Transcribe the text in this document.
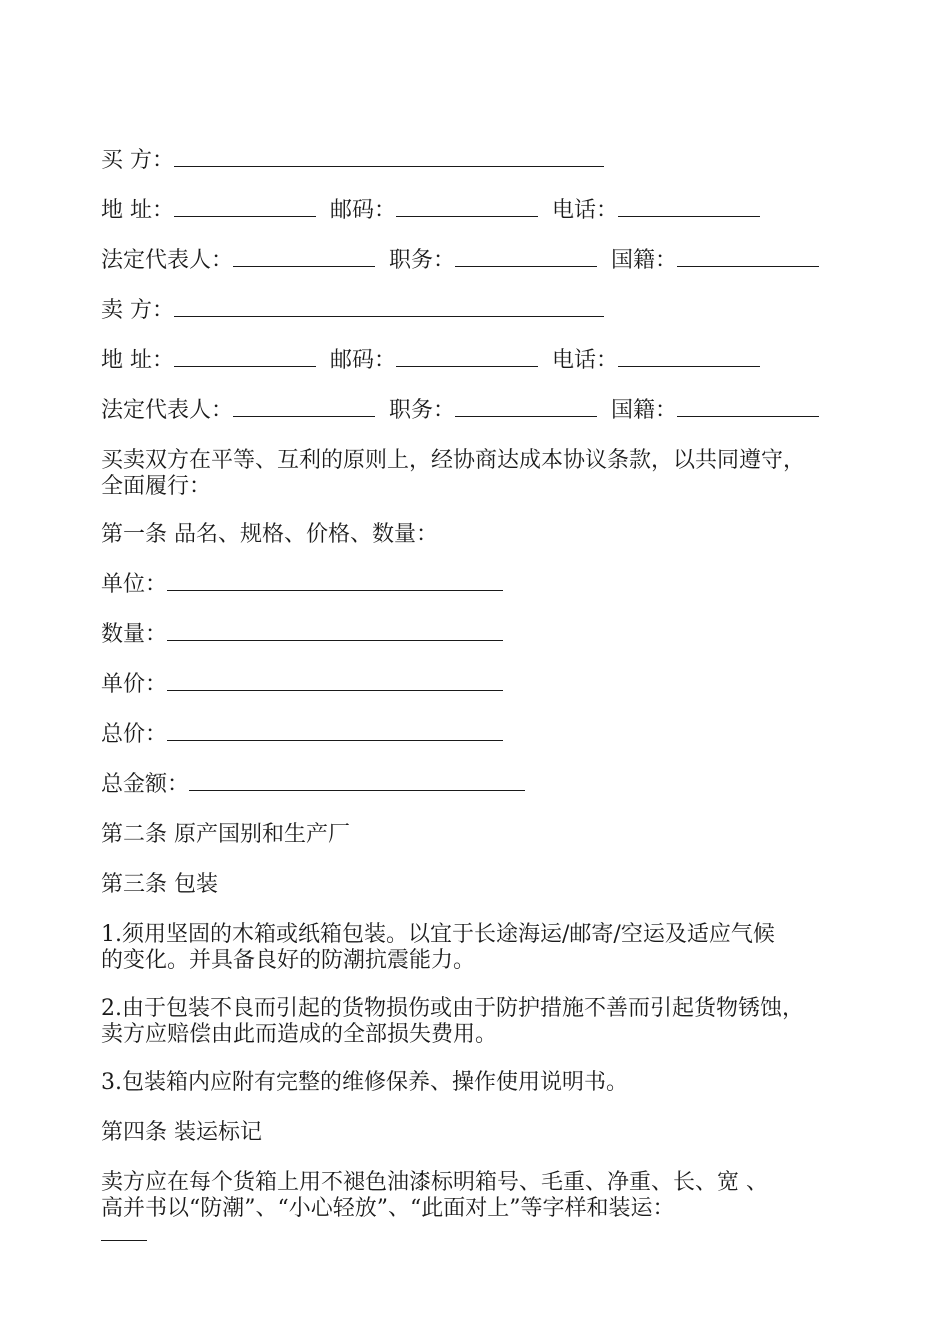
买 方：
地 址：	邮码：	电话：
法定代表人：	职务：	国籍：
卖 方：
地 址：	邮码：	电话：
法定代表人：	职务：	国籍：
买卖双方在平等、互利的原则上，经协商达成本协议条款，以共同遵守，
全面履行：
第一条 品名、规格、价格、数量：
单位：
数量：
单价：
总价：
总金额：
第二条 原产国别和生产厂
第三条 包装
1.须用坚固的木箱或纸箱包装。以宜于长途海运/邮寄/空运及适应气候
的变化。并具备良好的防潮抗震能力。
2.由于包装不良而引起的货物损伤或由于防护措施不善而引起货物锈蚀，
卖方应赔偿由此而造成的全部损失费用。
3.包装箱内应附有完整的维修保养、操作使用说明书。
第四条 装运标记
卖方应在每个货箱上用不褪色油漆标明箱号、毛重、净重、长、宽 、
高并书以“防潮”、“小心轻放”、“此面对上”等字样和装运：
